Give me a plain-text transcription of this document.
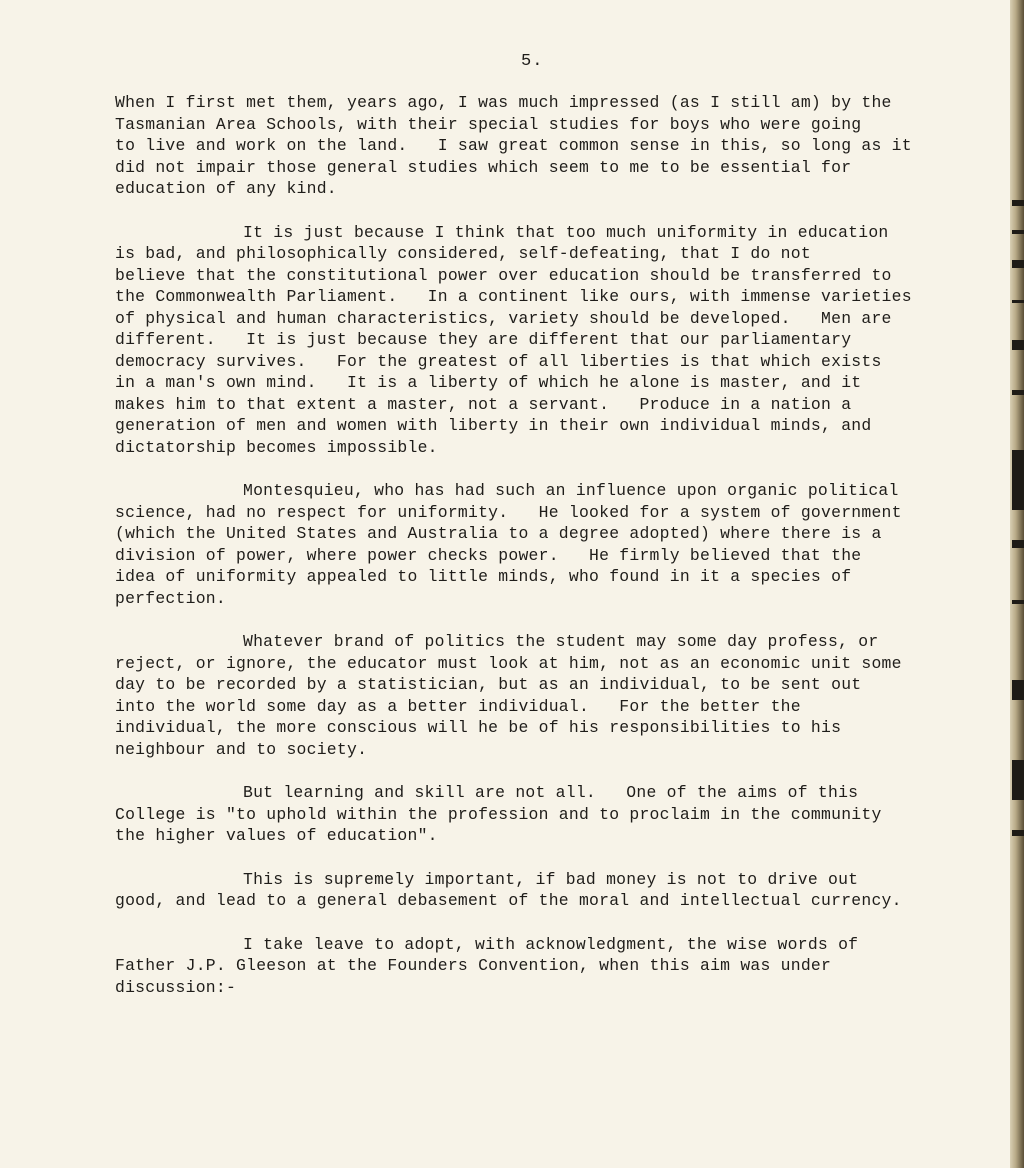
5.
When I first met them, years ago, I was much impressed (as I still am) by the
Tasmanian Area Schools, with their special studies for boys who were going
to live and work on the land.   I saw great common sense in this, so long as it
did not impair those general studies which seem to me to be essential for
education of any kind.
It is just because I think that too much uniformity in education
is bad, and philosophically considered, self-defeating, that I do not
believe that the constitutional power over education should be transferred to
the Commonwealth Parliament.   In a continent like ours, with immense varieties
of physical and human characteristics, variety should be developed.   Men are
different.   It is just because they are different that our parliamentary
democracy survives.   For the greatest of all liberties is that which exists
in a man's own mind.   It is a liberty of which he alone is master, and it
makes him to that extent a master, not a servant.   Produce in a nation a
generation of men and women with liberty in their own individual minds, and
dictatorship becomes impossible.
Montesquieu, who has had such an influence upon organic political
science, had no respect for uniformity.   He looked for a system of government
(which the United States and Australia to a degree adopted) where there is a
division of power, where power checks power.   He firmly believed that the
idea of uniformity appealed to little minds, who found in it a species of
perfection.
Whatever brand of politics the student may some day profess, or
reject, or ignore, the educator must look at him, not as an economic unit some
day to be recorded by a statistician, but as an individual, to be sent out
into the world some day as a better individual.   For the better the
individual, the more conscious will he be of his responsibilities to his
neighbour and to society.
But learning and skill are not all.   One of the aims of this
College is "to uphold within the profession and to proclaim in the community
the higher values of education".
This is supremely important, if bad money is not to drive out
good, and lead to a general debasement of the moral and intellectual currency.
I take leave to adopt, with acknowledgment, the wise words of
Father J.P. Gleeson at the Founders Convention, when this aim was under
discussion:-
